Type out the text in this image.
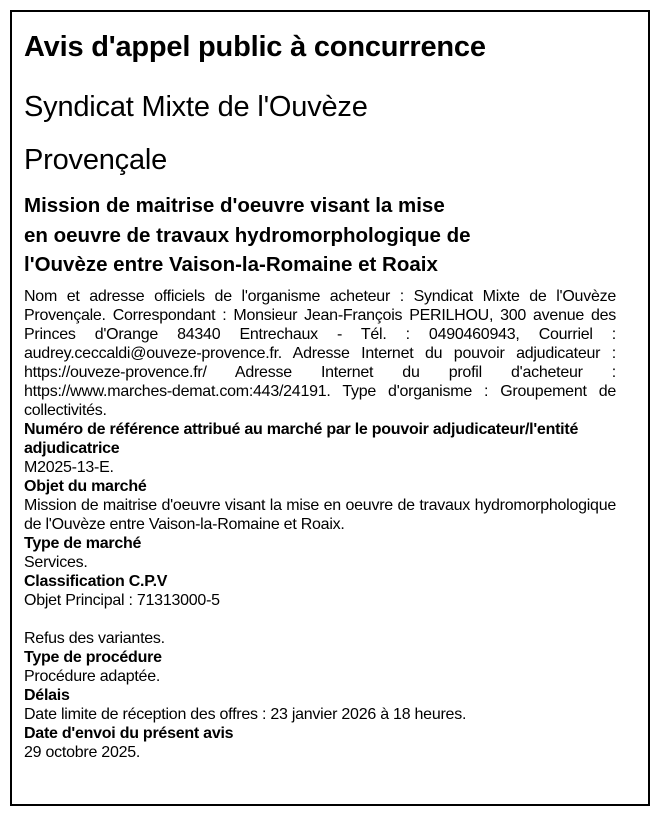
Avis d'appel public à concurrence
Syndicat Mixte de l'Ouvèze
Provençale
Mission de maitrise d'oeuvre visant la mise
en oeuvre de travaux hydromorphologique de
l'Ouvèze entre Vaison-la-Romaine et Roaix

Nom et adresse officiels de l'organisme acheteur : Syndicat Mixte de l'Ouvèze Provençale. Correspondant : Monsieur Jean-François PERILHOU, 300 avenue des Princes d'Orange 84340 Entrechaux - Tél. : 0490460943, Courriel : audrey.ceccaldi@ouveze-provence.fr. Adresse Internet du pouvoir adjudicateur : https://ouveze-provence.fr/ Adresse Internet du profil d'acheteur : https://www.marches-demat.com:443/24191. Type d'organisme : Groupement de collectivités.

Numéro de référence attribué au marché par le pouvoir adjudicateur/l'entité adjudicatrice

M2025-13-E.

Objet du marché

Mission de maitrise d'oeuvre visant la mise en oeuvre de travaux hydromorphologique de l'Ouvèze entre Vaison-la-Romaine et Roaix.

Type de marché

Services.

Classification C.P.V

Objet Principal : 71313000-5

Refus des variantes.

Type de procédure

Procédure adaptée.

Délais

Date limite de réception des offres : 23 janvier 2026 à 18 heures.

Date d'envoi du présent avis

29 octobre 2025.
